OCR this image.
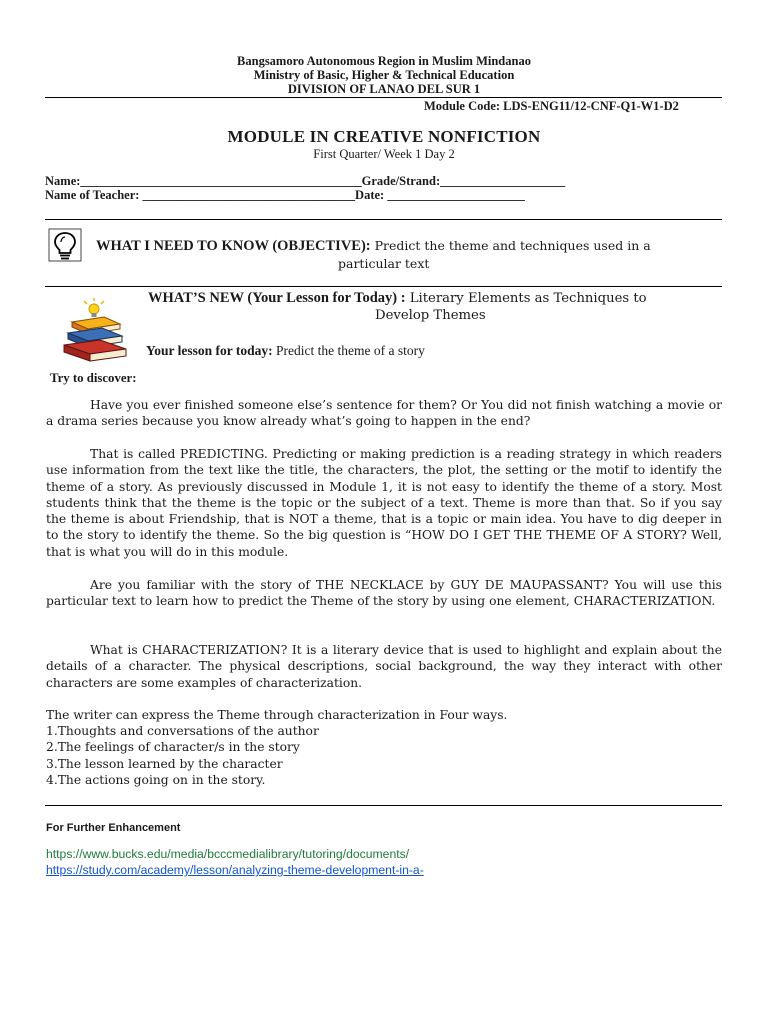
Bangsamoro Autonomous Region in Muslim Mindanao
Ministry of Basic, Higher & Technical Education
DIVISION OF LANAO DEL SUR 1
Module Code: LDS-ENG11/12-CNF-Q1-W1-D2
MODULE IN CREATIVE NONFICTION
First Quarter/ Week 1 Day 2
Name:_____________________________________________Grade/Strand:____________________
Name of Teacher: __________________________________Date: ______________________
WHAT I NEED TO KNOW (OBJECTIVE): Predict the theme and techniques used in a
particular text
WHAT’S NEW (Your Lesson for Today) : Literary Elements as Techniques to
Develop Themes
Your lesson for today: Predict the theme of a story
Try to discover:
Have you ever finished someone else’s sentence for them? Or You did not finish watching a movie or a drama series because you know already what’s going to happen in the end?
That is called PREDICTING. Predicting or making prediction is a reading strategy in which readers use information from the text like the title, the characters, the plot, the setting or the motif to identify the theme of a story. As previously discussed in Module 1, it is not easy to identify the theme of a story. Most students think that the theme is the topic or the subject of a text. Theme is more than that. So if you say the theme is about Friendship, that is NOT a theme, that is a topic or main idea. You have to dig deeper in to the story to identify the theme. So the big question is “HOW DO I GET THE THEME OF A STORY? Well, that is what you will do in this module.
Are you familiar with the story of THE NECKLACE by GUY DE MAUPASSANT? You will use this particular text to learn how to predict the Theme of the story by using one element, CHARACTERIZATION.
What is CHARACTERIZATION? It is a literary device that is used to highlight and explain about the details of a character. The physical descriptions, social background, the way they interact with other characters are some examples of characterization.
The writer can express the Theme through characterization in Four ways.
1.Thoughts and conversations of the author
2.The feelings of character/s in the story
3.The lesson learned by the character
4.The actions going on in the story.
For Further Enhancement
https://www.bucks.edu/media/bcccmedialibrary/tutoring/documents/
https://study.com/academy/lesson/analyzing-theme-development-in-a-
